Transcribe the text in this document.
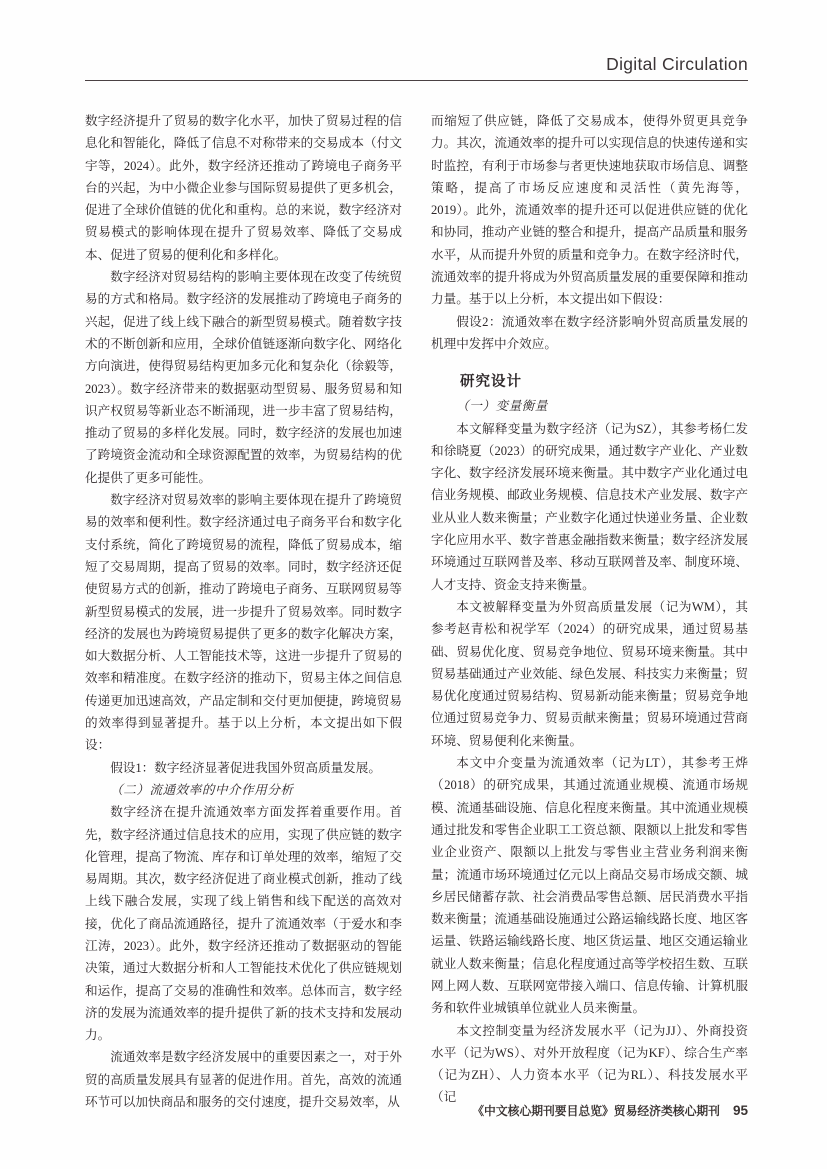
Digital Circulation

数字经济提升了贸易的数字化水平，加快了贸易过程的信息化和智能化，降低了信息不对称带来的交易成本（付文宇等，2024）。此外，数字经济还推动了跨境电子商务平台的兴起，为中小微企业参与国际贸易提供了更多机会，促进了全球价值链的优化和重构。总的来说，数字经济对贸易模式的影响体现在提升了贸易效率、降低了交易成本、促进了贸易的便利化和多样化。

数字经济对贸易结构的影响主要体现在改变了传统贸易的方式和格局。数字经济的发展推动了跨境电子商务的兴起，促进了线上线下融合的新型贸易模式。随着数字技术的不断创新和应用，全球价值链逐渐向数字化、网络化方向演进，使得贸易结构更加多元化和复杂化（徐毅等，2023）。数字经济带来的数据驱动型贸易、服务贸易和知识产权贸易等新业态不断涌现，进一步丰富了贸易结构，推动了贸易的多样化发展。同时，数字经济的发展也加速了跨境资金流动和全球资源配置的效率，为贸易结构的优化提供了更多可能性。

数字经济对贸易效率的影响主要体现在提升了跨境贸易的效率和便利性。数字经济通过电子商务平台和数字化支付系统，简化了跨境贸易的流程，降低了贸易成本，缩短了交易周期，提高了贸易的效率。同时，数字经济还促使贸易方式的创新，推动了跨境电子商务、互联网贸易等新型贸易模式的发展，进一步提升了贸易效率。同时数字经济的发展也为跨境贸易提供了更多的数字化解决方案，如大数据分析、人工智能技术等，这进一步提升了贸易的效率和精准度。在数字经济的推动下，贸易主体之间信息传递更加迅速高效，产品定制和交付更加便捷，跨境贸易的效率得到显著提升。基于以上分析，本文提出如下假设：

假设1：数字经济显著促进我国外贸高质量发展。

（二）流通效率的中介作用分析

数字经济在提升流通效率方面发挥着重要作用。首先，数字经济通过信息技术的应用，实现了供应链的数字化管理，提高了物流、库存和订单处理的效率，缩短了交易周期。其次，数字经济促进了商业模式创新，推动了线上线下融合发展，实现了线上销售和线下配送的高效对接，优化了商品流通路径，提升了流通效率（于爱水和李江涛，2023）。此外，数字经济还推动了数据驱动的智能决策，通过大数据分析和人工智能技术优化了供应链规划和运作，提高了交易的准确性和效率。总体而言，数字经济的发展为流通效率的提升提供了新的技术支持和发展动力。

流通效率是数字经济发展中的重要因素之一，对于外贸的高质量发展具有显著的促进作用。首先，高效的流通环节可以加快商品和服务的交付速度，提升交易效率，从

而缩短了供应链，降低了交易成本，使得外贸更具竞争力。其次，流通效率的提升可以实现信息的快速传递和实时监控，有利于市场参与者更快速地获取市场信息、调整策略，提高了市场反应速度和灵活性（黄先海等，2019）。此外，流通效率的提升还可以促进供应链的优化和协同，推动产业链的整合和提升，提高产品质量和服务水平，从而提升外贸的质量和竞争力。在数字经济时代，流通效率的提升将成为外贸高质量发展的重要保障和推动力量。基于以上分析，本文提出如下假设：

假设2：流通效率在数字经济影响外贸高质量发展的机理中发挥中介效应。

研究设计

（一）变量衡量

本文解释变量为数字经济（记为SZ），其参考杨仁发和徐晓夏（2023）的研究成果，通过数字产业化、产业数字化、数字经济发展环境来衡量。其中数字产业化通过电信业务规模、邮政业务规模、信息技术产业发展、数字产业从业人数来衡量；产业数字化通过快递业务量、企业数字化应用水平、数字普惠金融指数来衡量；数字经济发展环境通过互联网普及率、移动互联网普及率、制度环境、人才支持、资金支持来衡量。

本文被解释变量为外贸高质量发展（记为WM），其参考赵青松和祝学军（2024）的研究成果，通过贸易基础、贸易优化度、贸易竞争地位、贸易环境来衡量。其中贸易基础通过产业效能、绿色发展、科技实力来衡量；贸易优化度通过贸易结构、贸易新动能来衡量；贸易竞争地位通过贸易竞争力、贸易贡献来衡量；贸易环境通过营商环境、贸易便利化来衡量。

本文中介变量为流通效率（记为LT），其参考王烨（2018）的研究成果，其通过流通业规模、流通市场规模、流通基础设施、信息化程度来衡量。其中流通业规模通过批发和零售企业职工工资总额、限额以上批发和零售业企业资产、限额以上批发与零售业主营业务利润来衡量；流通市场环境通过亿元以上商品交易市场成交额、城乡居民储蓄存款、社会消费品零售总额、居民消费水平指数来衡量；流通基础设施通过公路运输线路长度、地区客运量、铁路运输线路长度、地区货运量、地区交通运输业就业人数来衡量；信息化程度通过高等学校招生数、互联网上网人数、互联网宽带接入端口、信息传输、计算机服务和软件业城镇单位就业人员来衡量。

本文控制变量为经济发展水平（记为JJ）、外商投资水平（记为WS）、对外开放程度（记为KF）、综合生产率（记为ZH）、人力资本水平（记为RL）、科技发展水平（记

《中文核心期刊要目总览》贸易经济类核心期刊 95
